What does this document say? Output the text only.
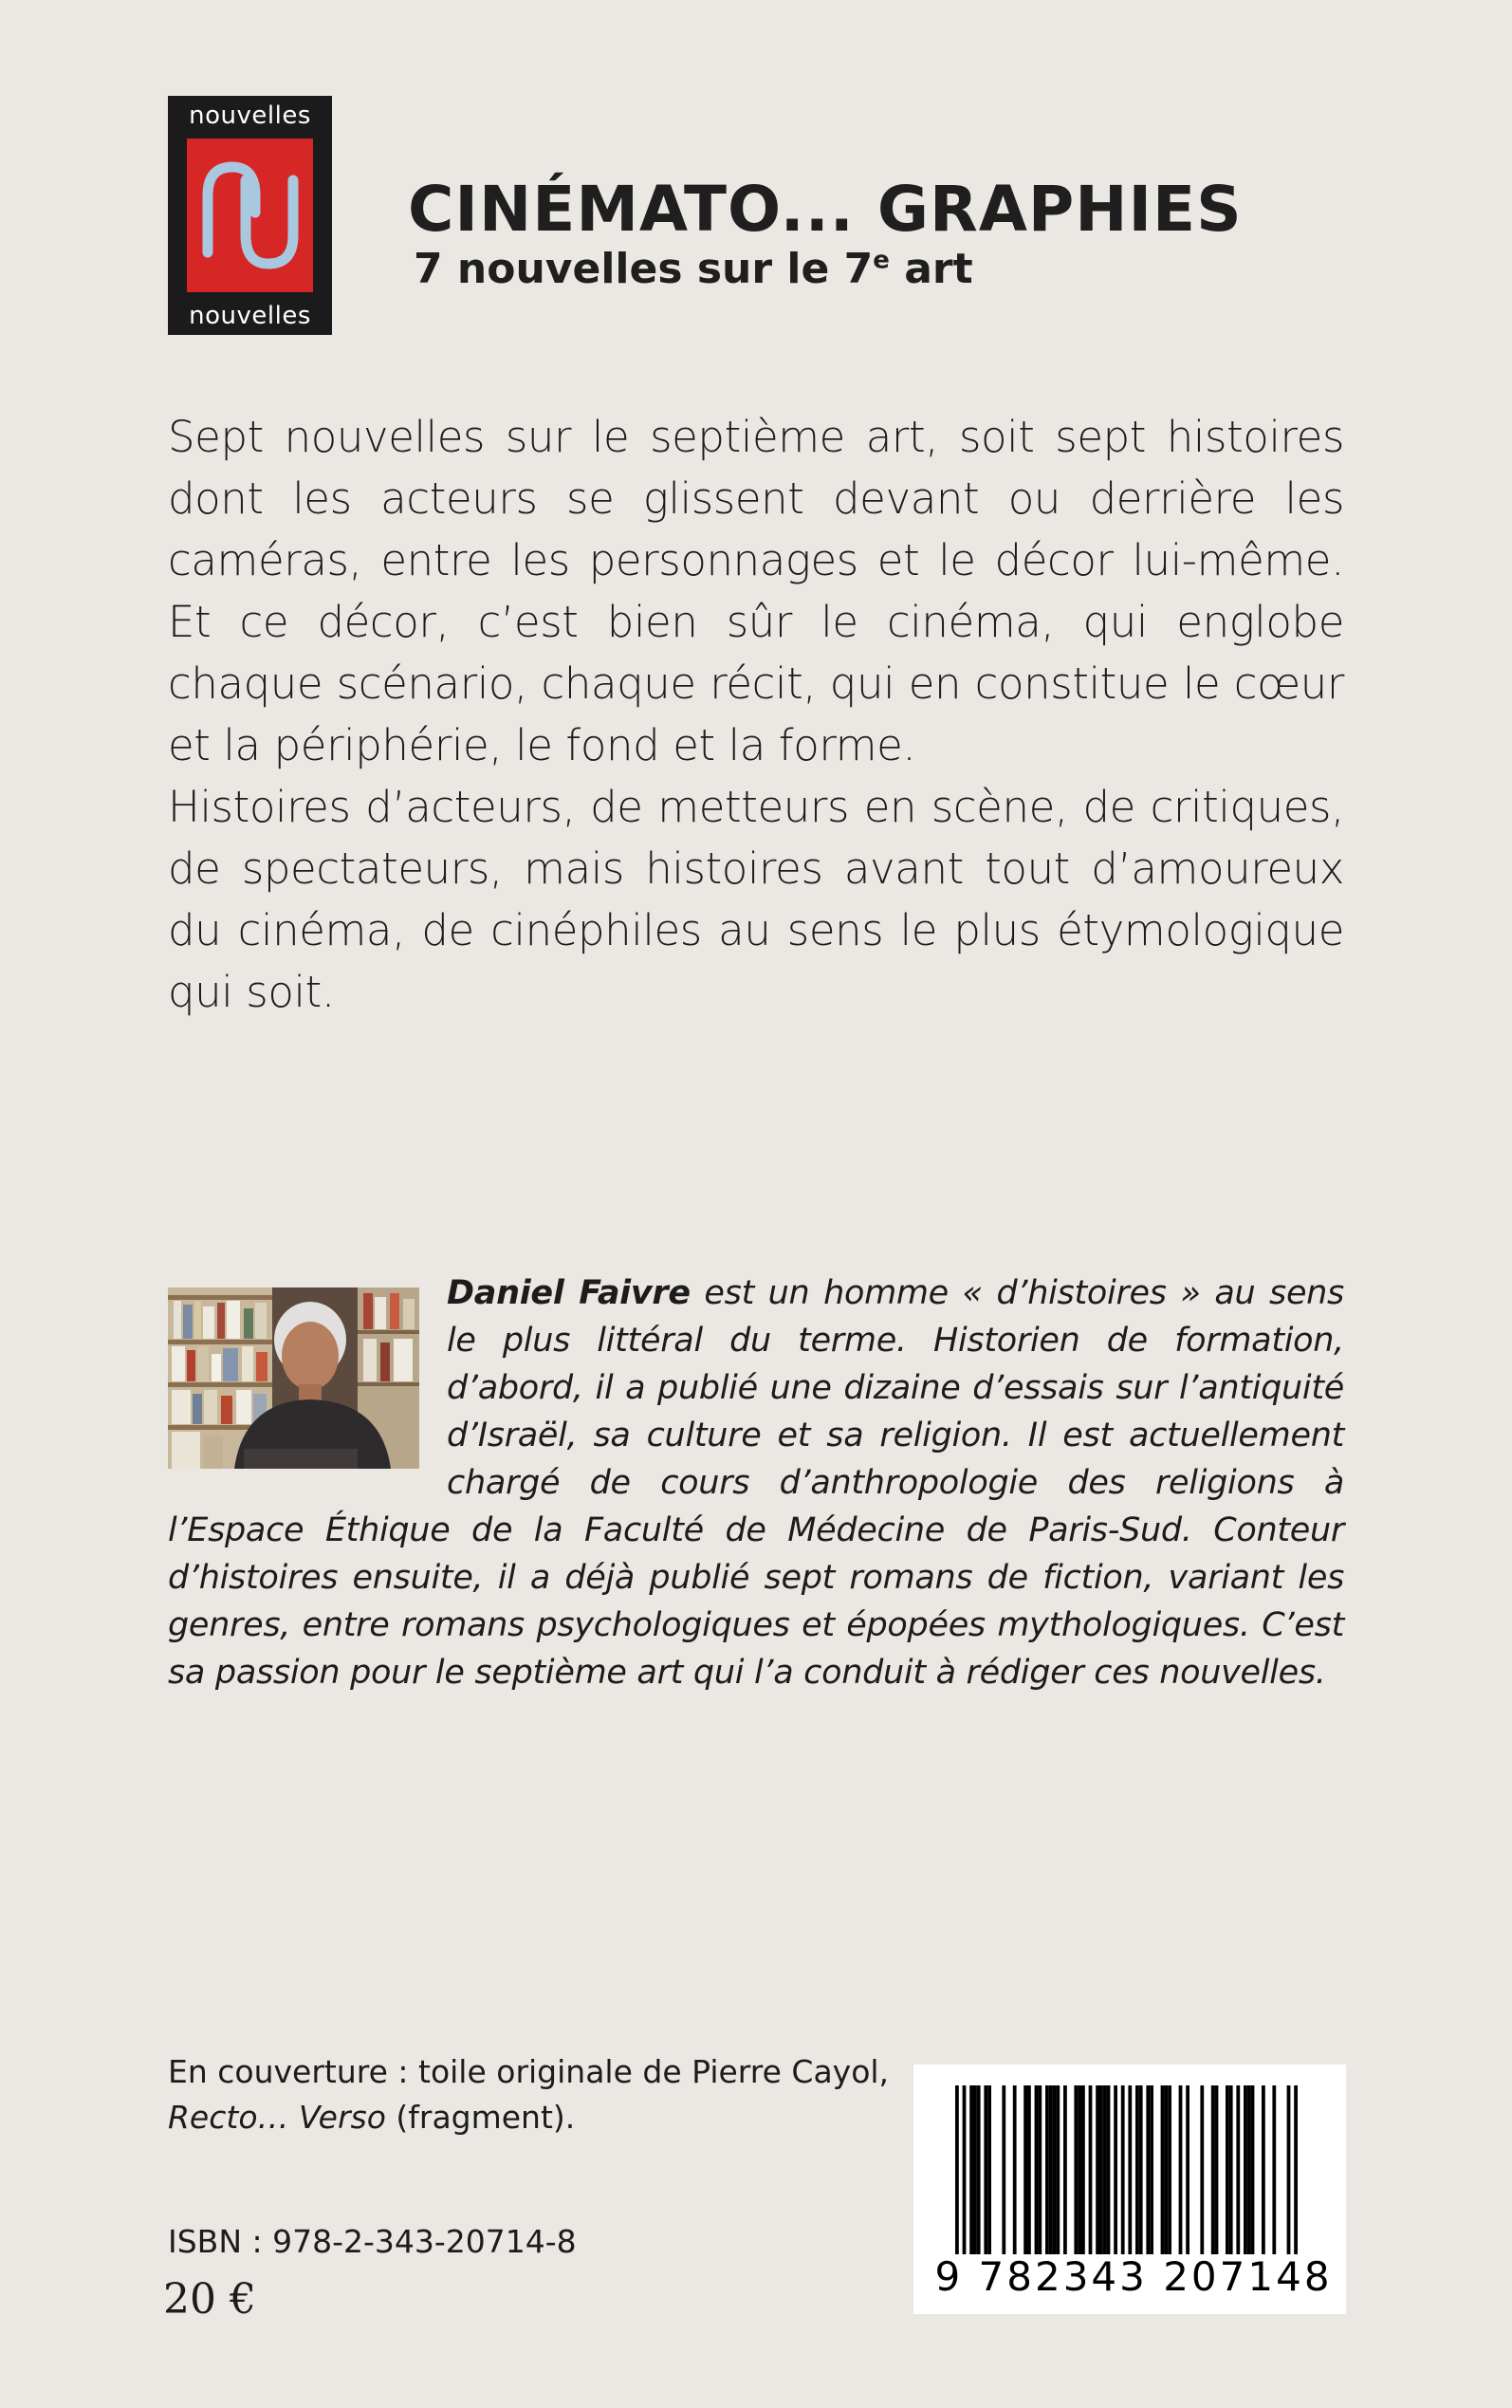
nouvelles
nouvelles
CINÉMATO... GRAPHIES
7 nouvelles sur le 7e art

Sept nouvelles sur le septième art, soit sept histoires dont les acteurs se glissent devant ou derrière les caméras, entre les personnages et le décor lui-même. Et ce décor, c’est bien sûr le cinéma, qui englobe chaque scénario, chaque récit, qui en constitue le cœur et la périphérie, le fond et la forme.

Histoires d’acteurs, de metteurs en scène, de critiques, de spectateurs, mais histoires avant tout d’amoureux du cinéma, de cinéphiles au sens le plus étymologique qui soit.

Daniel Faivre est un homme « d’histoires » au sens le plus littéral du terme. Historien de formation, d’abord, il a publié une dizaine d’essais sur l’antiquité d’Israël, sa culture et sa religion. Il est actuellement chargé de cours d’anthropologie des religions à l’Espace Éthique de la Faculté de Médecine de Paris-Sud. Conteur d’histoires ensuite, il a déjà publié sept romans de fiction, variant les genres, entre romans psychologiques et épopées mythologiques. C’est sa passion pour le septième art qui l’a conduit à rédiger ces nouvelles.
En couverture : toile originale de Pierre Cayol,
Recto… Verso (fragment).
ISBN : 978-2-343-20714-8
20 €	9 782343 207148
